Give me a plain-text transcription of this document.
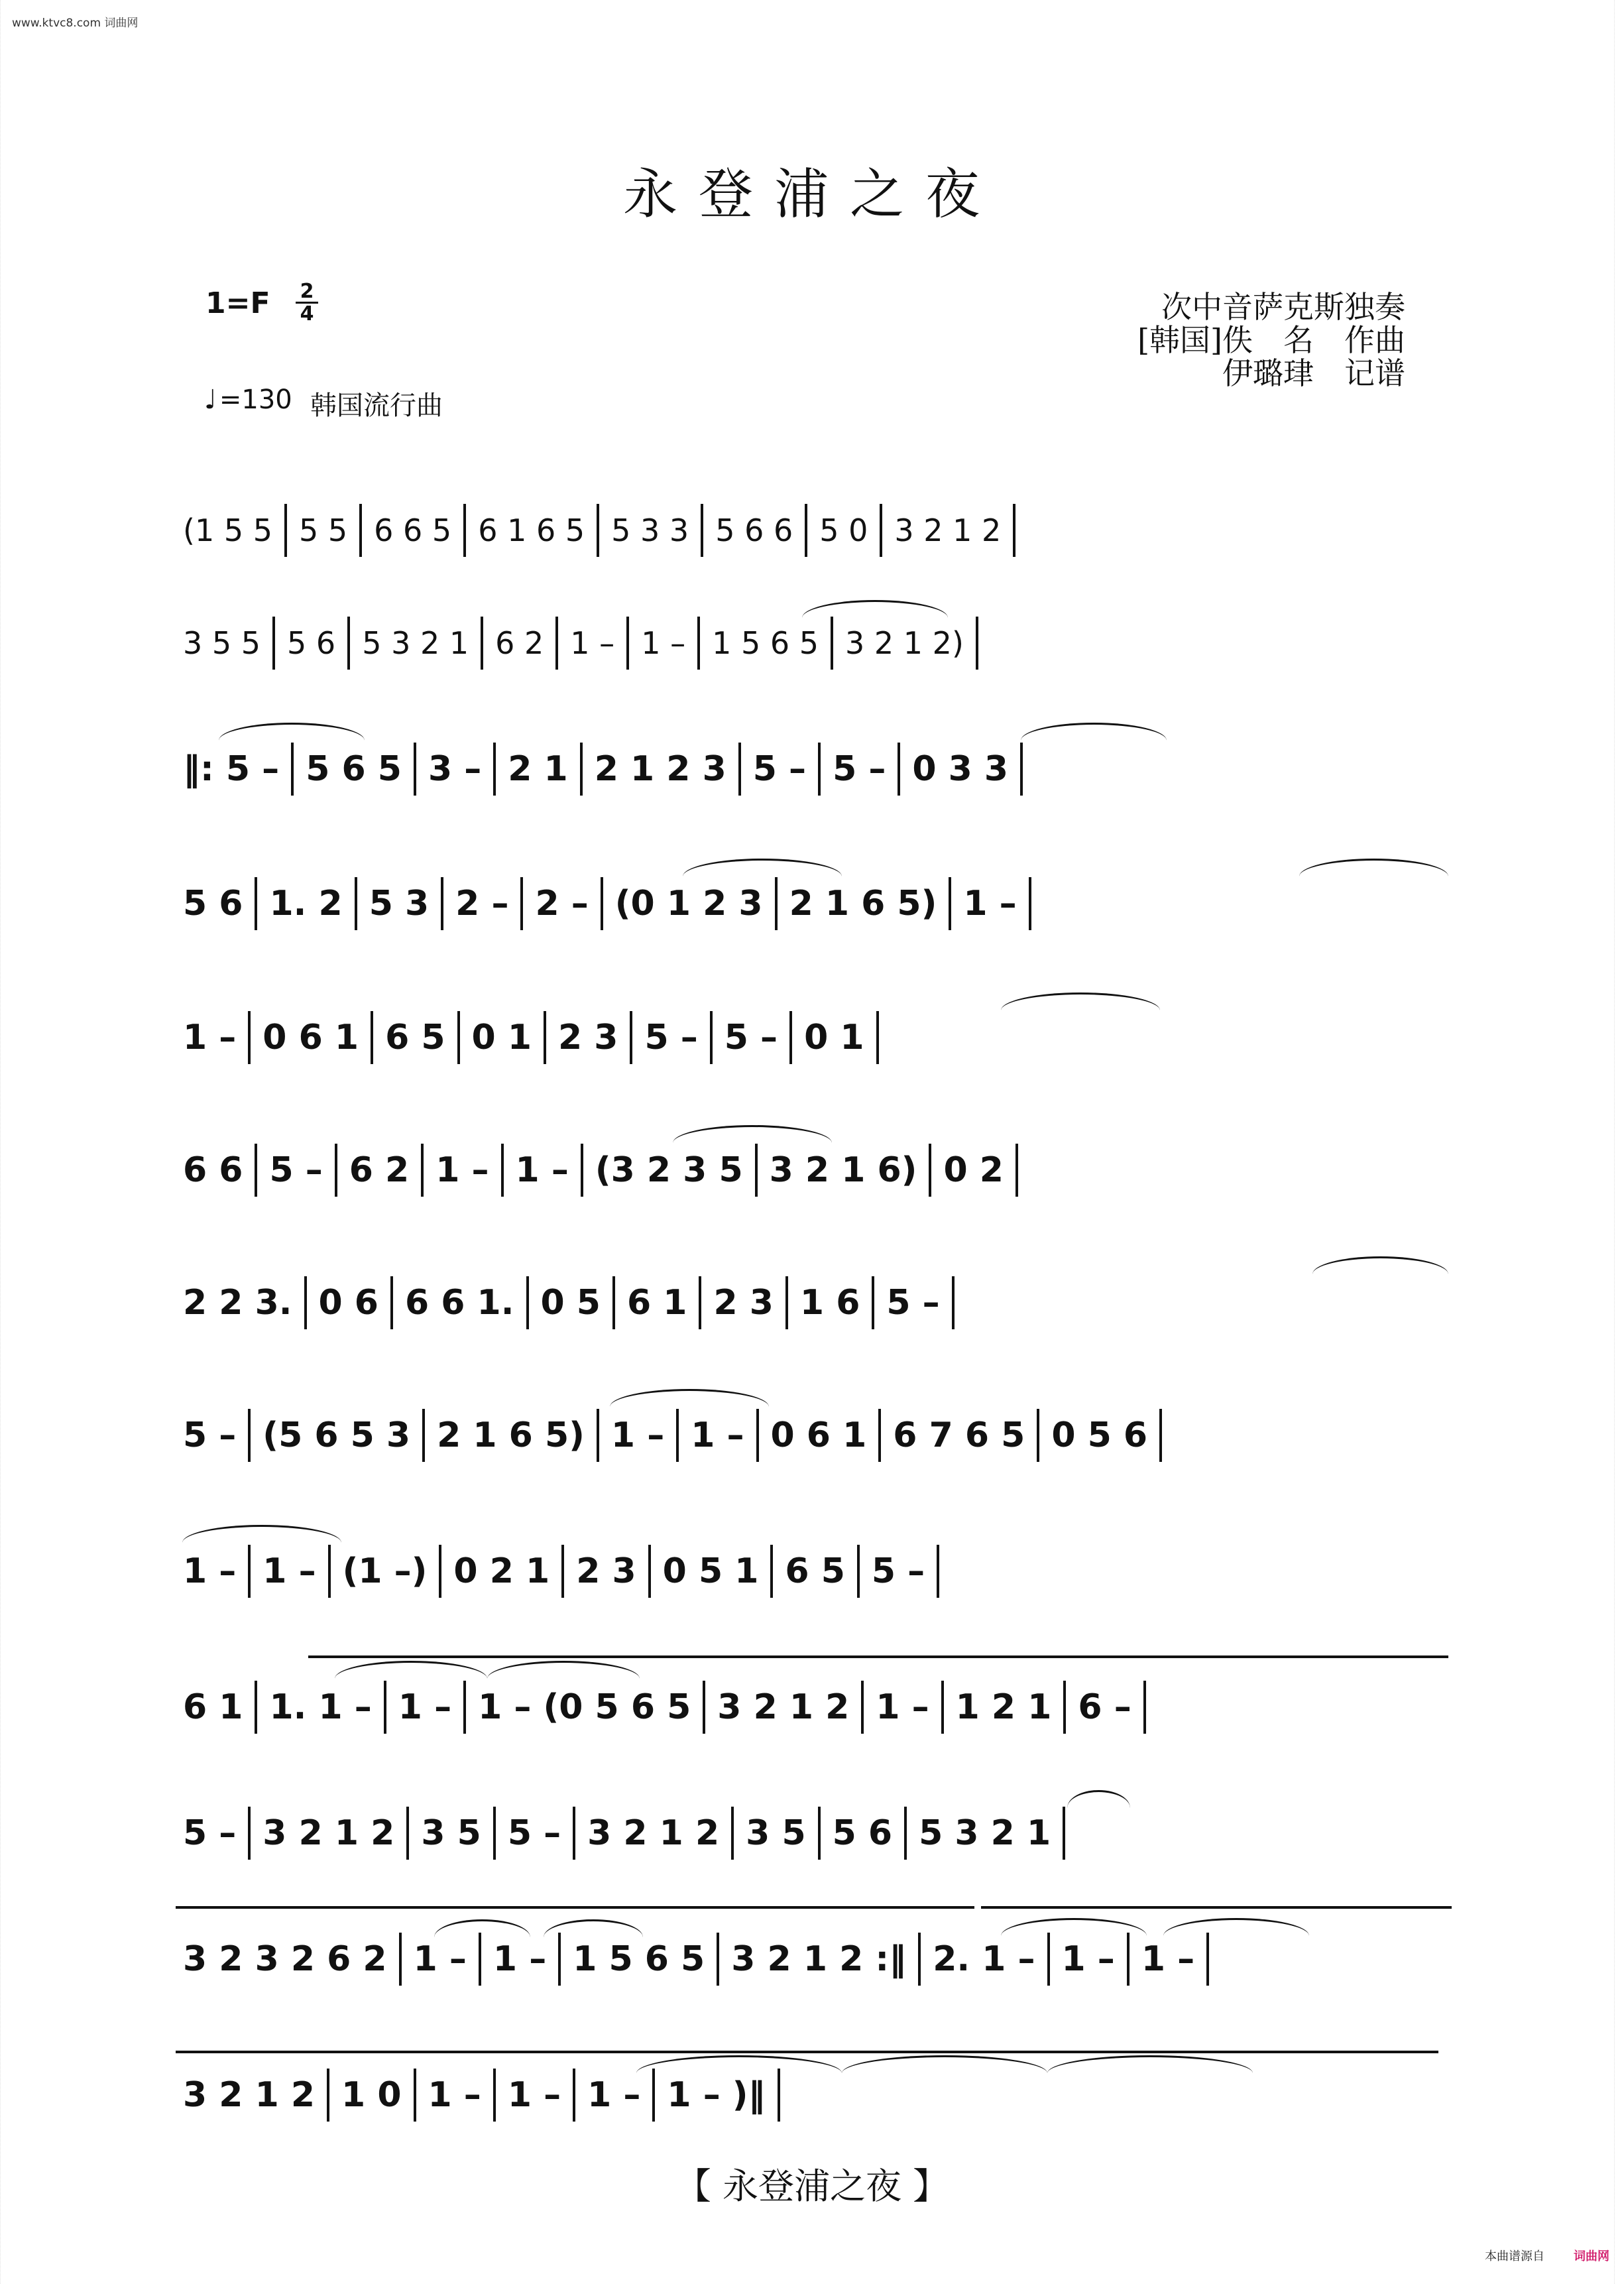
www.ktvc8.com 词曲网
永登浦之夜
1=F 2
4
♩ =130 韩国流行曲
次中音萨克斯独奏
[韩国]佚　名　作曲
伊璐珒　记谱
(1 5 5 5 5 6 6 5 6 1 6 5 5 3 3 5 6 6 5 0 3 2 1 2
3 5 5 5 6 5 3 2 1 6 2 1 – 1 – 1 5 6 5 3 2 1 2)
‖: 5 – 5 6 5 3 – 2 1 2 1 2 3 5 – 5 – 0 3 3
5 6 1. 2 5 3 2 – 2 – (0 1 2 3 2 1 6 5) 1 –
1 – 0 6 1 6 5 0 1 2 3 5 – 5 – 0 1
6 6 5 – 6 2 1 – 1 – (3 2 3 5 3 2 1 6) 0 2
2 2 3. 0 6 6 6 1. 0 5 6 1 2 3 1 6 5 –
5 – (5 6 5 3 2 1 6 5) 1 – 1 – 0 6 1 6 7 6 5 0 5 6
1 – 1 – (1 –) 0 2 1 2 3 0 5 1 6 5 5 –
6 1 1. 1 – 1 – 1 – (0 5 6 5 3 2 1 2 1 – 1 2 1 6 –
5 – 3 2 1 2 3 5 5 – 3 2 1 2 3 5 5 6 5 3 2 1
3 2 3 2 6 2 1 – 1 – 1 5 6 5 3 2 1 2 :‖ 2. 1 – 1 – 1 –
3 2 1 2 1 0 1 – 1 – 1 – 1 – )‖
【 永登浦之夜 】
本曲谱源自 词曲网
